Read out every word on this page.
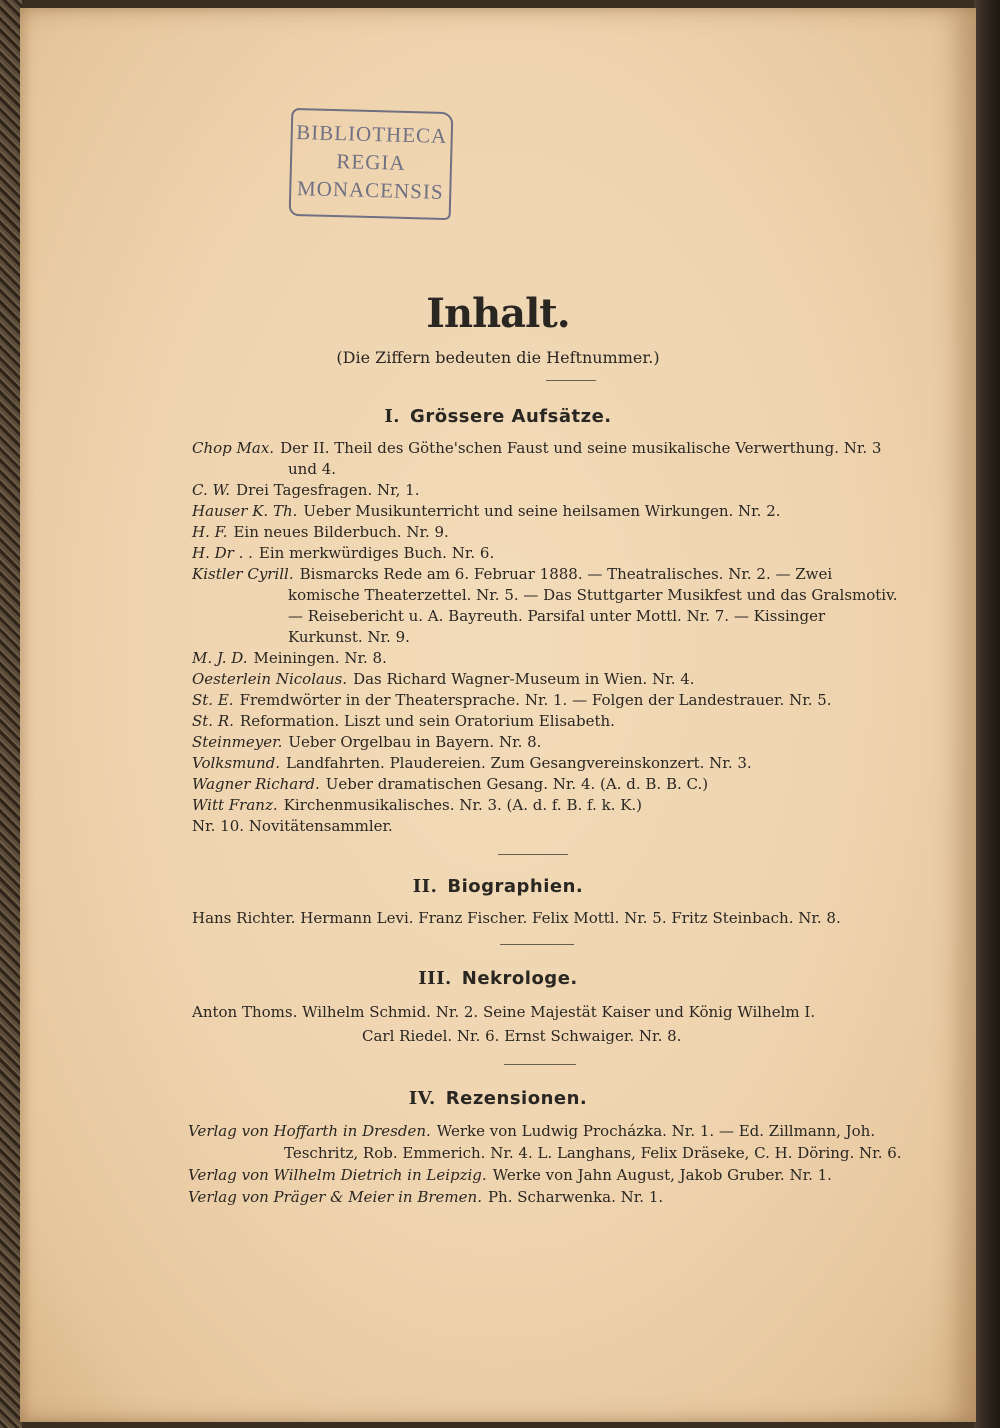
BIBLIOTHECA
REGIA
MONACENSIS
Inhalt.
(Die Ziffern bedeuten die Heftnummer.)
I. Grössere Aufsätze.

Chop Max. Der II. Theil des Göthe'schen Faust und seine musikalische Verwerthung. Nr. 3 und 4.

C. W. Drei Tagesfragen. Nr, 1.

Hauser K. Th. Ueber Musikunterricht und seine heilsamen Wirkungen. Nr. 2.

H. F. Ein neues Bilderbuch. Nr. 9.

H. Dr . . Ein merkwürdiges Buch. Nr. 6.

Kistler Cyrill. Bismarcks Rede am 6. Februar 1888. — Theatralisches. Nr. 2. — Zwei komische Theaterzettel. Nr. 5. — Das Stuttgarter Musikfest und das Gralsmotiv. — Reisebericht u. A. Bayreuth. Parsifal unter Mottl. Nr. 7. — Kissinger Kurkunst. Nr. 9.

M. J. D. Meiningen. Nr. 8.

Oesterlein Nicolaus. Das Richard Wagner-Museum in Wien. Nr. 4.

St. E. Fremdwörter in der Theatersprache. Nr. 1. — Folgen der Landestrauer. Nr. 5.

St. R. Reformation. Liszt und sein Oratorium Elisabeth.

Steinmeyer. Ueber Orgelbau in Bayern. Nr. 8.

Volksmund. Landfahrten. Plaudereien. Zum Gesangvereinskonzert. Nr. 3.

Wagner Richard. Ueber dramatischen Gesang. Nr. 4. (A. d. B. B. C.)

Witt Franz. Kirchenmusikalisches. Nr. 3. (A. d. f. B. f. k. K.)

Nr. 10. Novitätensammler.

II. Biographien.
Hans Richter. Hermann Levi. Franz Fischer. Felix Mottl. Nr. 5. Fritz Steinbach. Nr. 8.
III. Nekrologe.
Anton Thoms. Wilhelm Schmid. Nr. 2. Seine Majestät Kaiser und König Wilhelm I.
Carl Riedel. Nr. 6. Ernst Schwaiger. Nr. 8.
IV. Rezensionen.

Verlag von Hoffarth in Dresden. Werke von Ludwig Procházka. Nr. 1. — Ed. Zillmann, Joh. Teschritz, Rob. Emmerich. Nr. 4. L. Langhans, Felix Dräseke, C. H. Döring. Nr. 6.

Verlag von Wilhelm Dietrich in Leipzig. Werke von Jahn August, Jakob Gruber. Nr. 1.

Verlag von Präger & Meier in Bremen. Ph. Scharwenka. Nr. 1.
